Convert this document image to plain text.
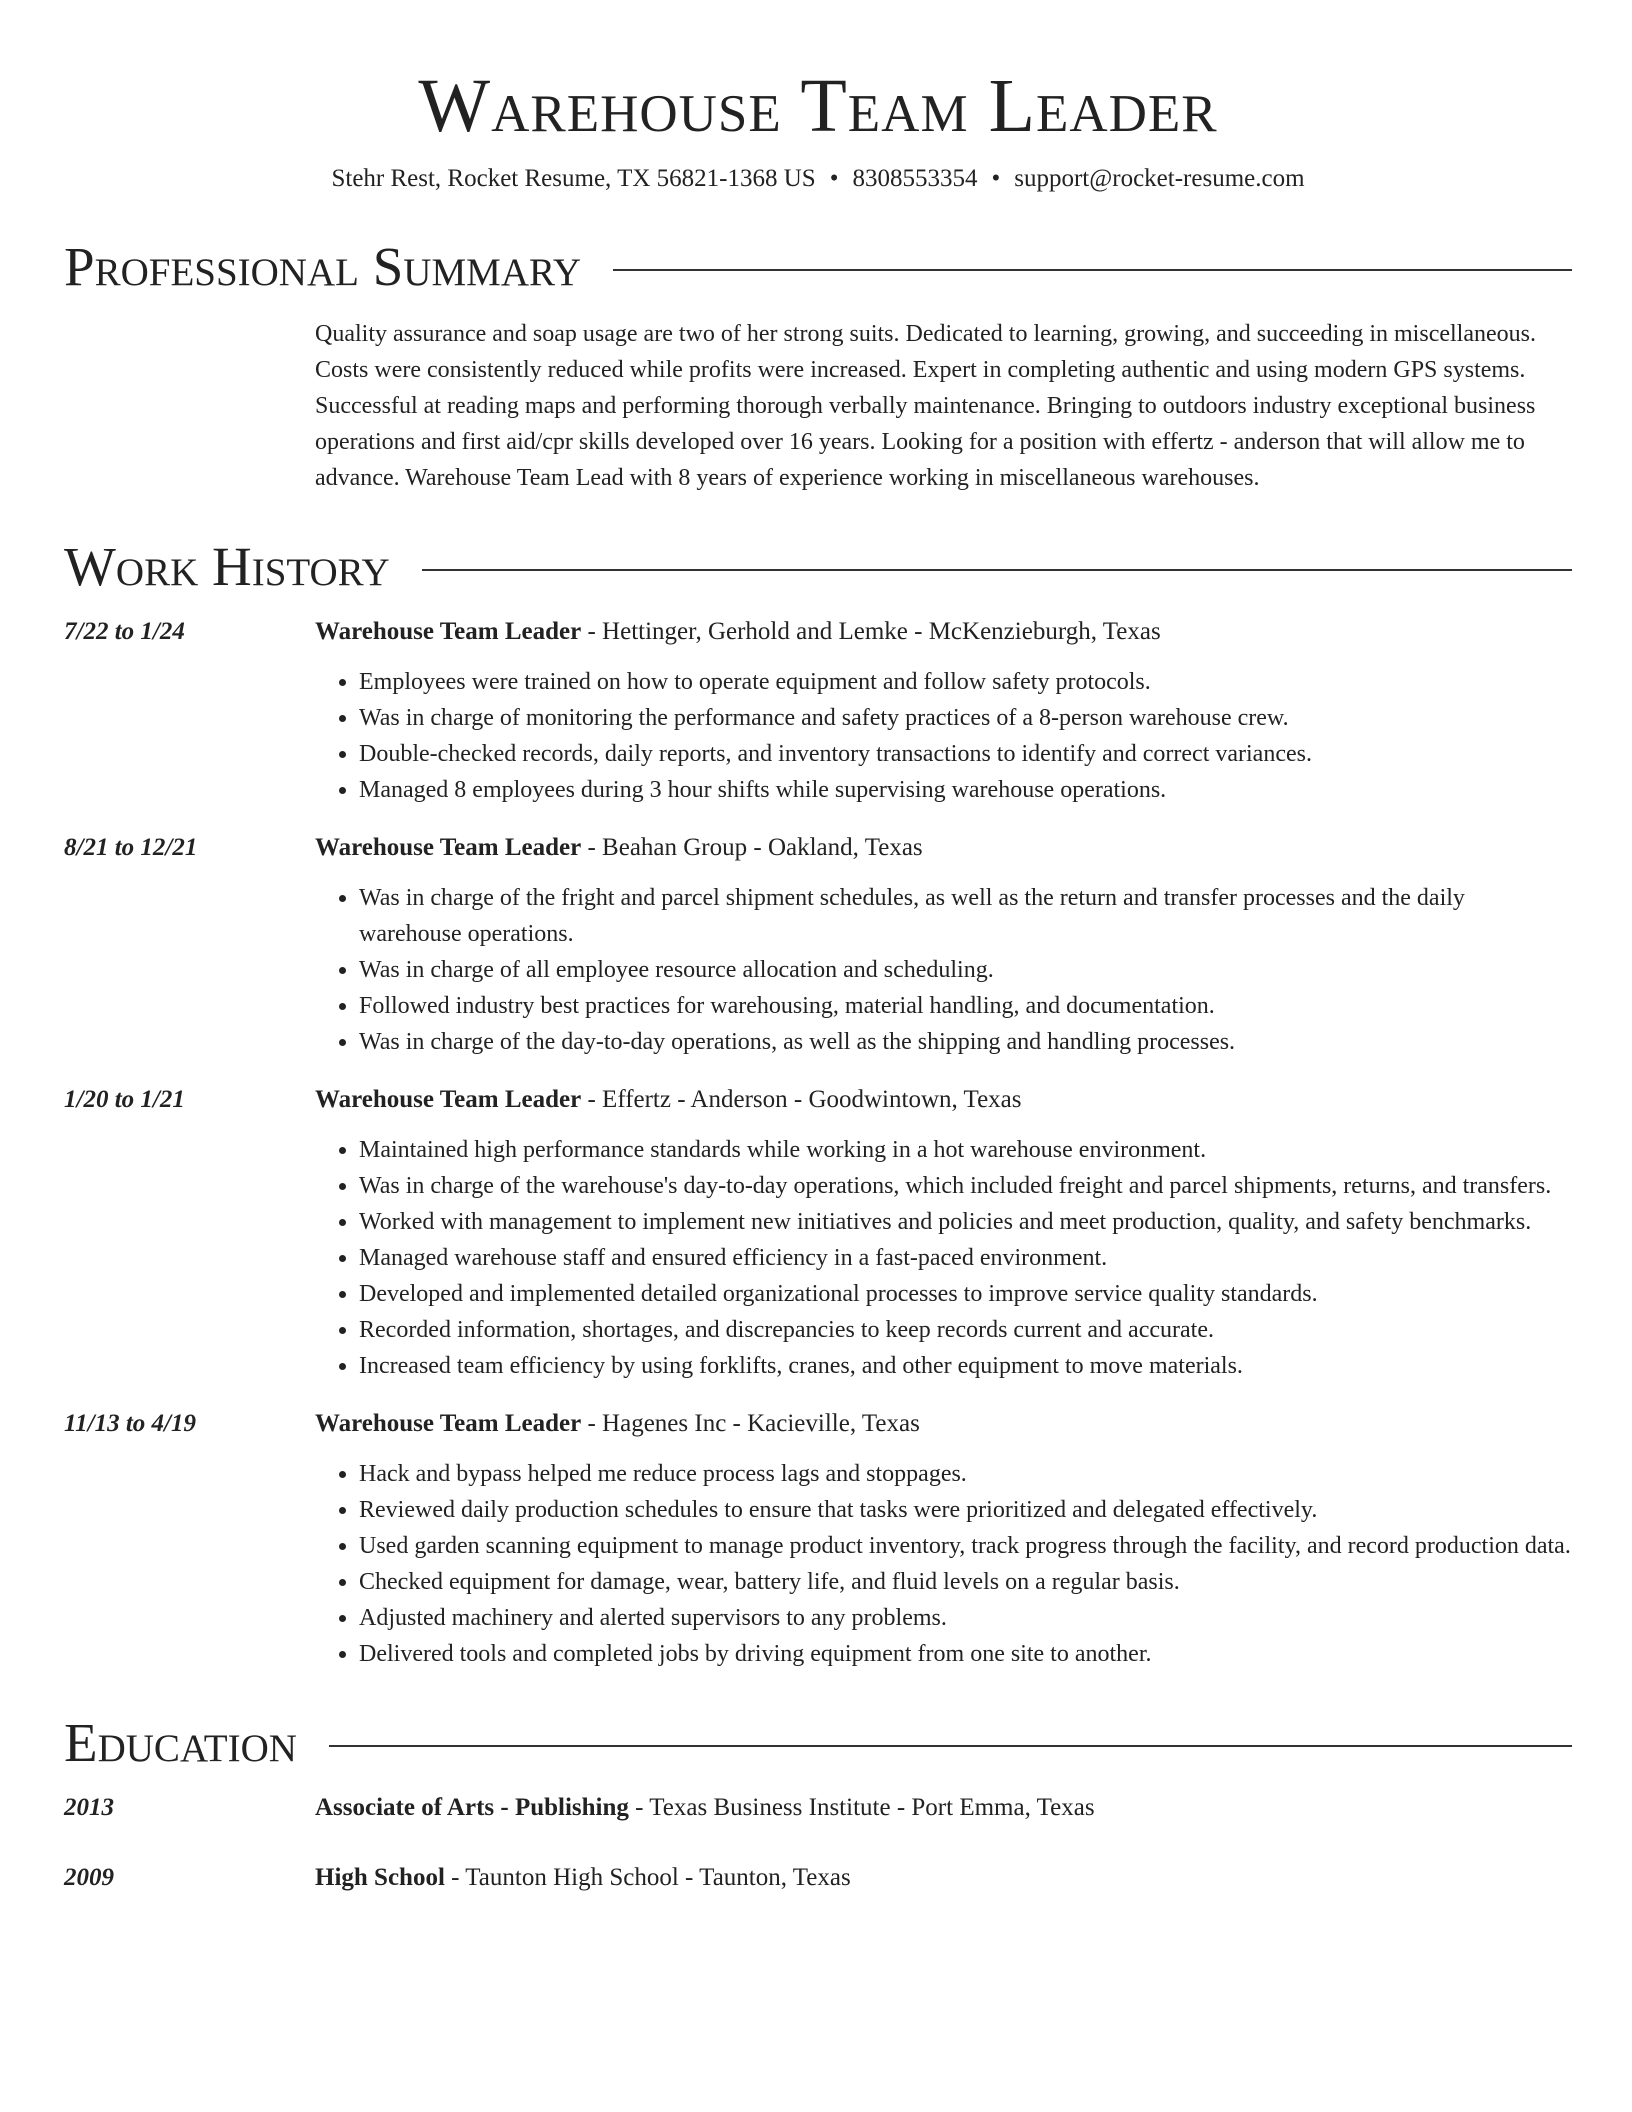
Warehouse Team Leader
Stehr Rest, Rocket Resume, TX 56821-1368 US • 8308553354 • support@rocket-resume.com
Professional Summary
Quality assurance and soap usage are two of her strong suits. Dedicated to learning, growing, and succeeding in miscellaneous. Costs were consistently reduced while profits were increased. Expert in completing authentic and using modern GPS systems. Successful at reading maps and performing thorough verbally maintenance. Bringing to outdoors industry exceptional business operations and first aid/cpr skills developed over 16 years. Looking for a position with effertz - anderson that will allow me to advance. Warehouse Team Lead with 8 years of experience working in miscellaneous warehouses.
Work History
7/22 to 1/24	Warehouse Team Leader - Hettinger, Gerhold and Lemke - McKenzieburgh, Texas
• Employees were trained on how to operate equipment and follow safety protocols.
• Was in charge of monitoring the performance and safety practices of a 8-person warehouse crew.
• Double-checked records, daily reports, and inventory transactions to identify and correct variances.
• Managed 8 employees during 3 hour shifts while supervising warehouse operations.
8/21 to 12/21	Warehouse Team Leader - Beahan Group - Oakland, Texas
• Was in charge of the fright and parcel shipment schedules, as well as the return and transfer processes and the daily warehouse operations.
• Was in charge of all employee resource allocation and scheduling.
• Followed industry best practices for warehousing, material handling, and documentation.
• Was in charge of the day-to-day operations, as well as the shipping and handling processes.
1/20 to 1/21	Warehouse Team Leader - Effertz - Anderson - Goodwintown, Texas
• Maintained high performance standards while working in a hot warehouse environment.
• Was in charge of the warehouse's day-to-day operations, which included freight and parcel shipments, returns, and transfers.
• Worked with management to implement new initiatives and policies and meet production, quality, and safety benchmarks.
• Managed warehouse staff and ensured efficiency in a fast-paced environment.
• Developed and implemented detailed organizational processes to improve service quality standards.
• Recorded information, shortages, and discrepancies to keep records current and accurate.
• Increased team efficiency by using forklifts, cranes, and other equipment to move materials.
11/13 to 4/19	Warehouse Team Leader - Hagenes Inc - Kacieville, Texas
• Hack and bypass helped me reduce process lags and stoppages.
• Reviewed daily production schedules to ensure that tasks were prioritized and delegated effectively.
• Used garden scanning equipment to manage product inventory, track progress through the facility, and record production data.
• Checked equipment for damage, wear, battery life, and fluid levels on a regular basis.
• Adjusted machinery and alerted supervisors to any problems.
• Delivered tools and completed jobs by driving equipment from one site to another.
Education
2013	Associate of Arts - Publishing - Texas Business Institute - Port Emma, Texas
2009	High School - Taunton High School - Taunton, Texas
